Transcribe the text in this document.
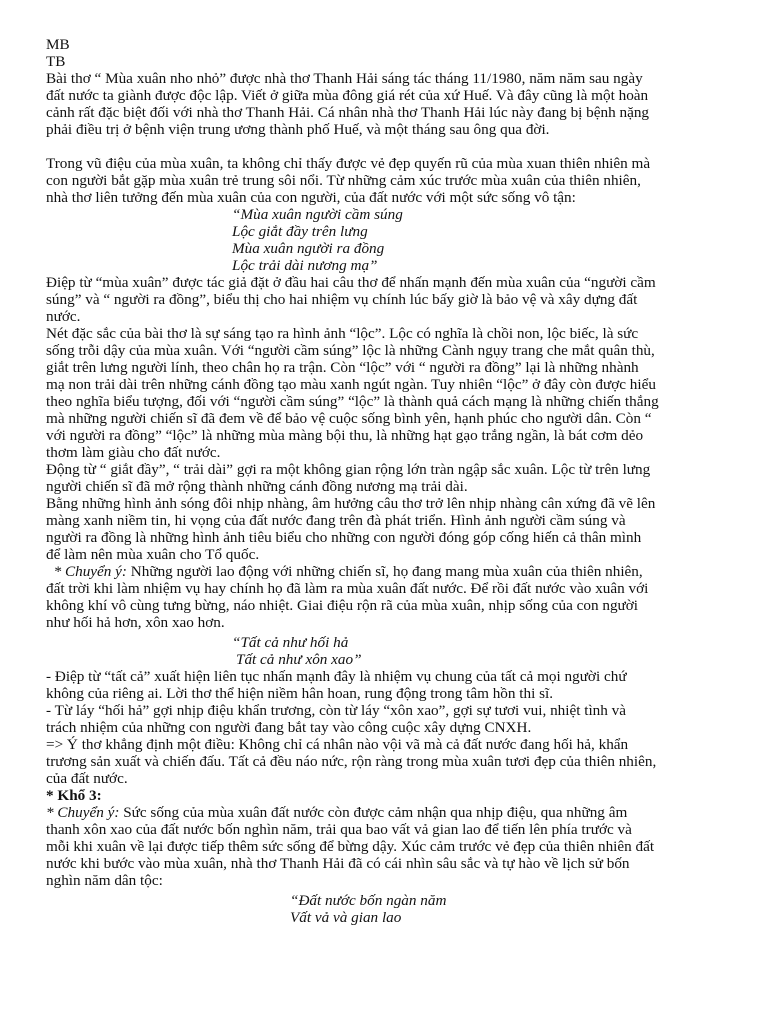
MB

TB

Bài thơ “ Mùa xuân nho nhỏ” được nhà thơ Thanh Hải sáng tác tháng 11/1980, năm năm sau ngày

đất nước ta giành được độc lập. Viết ở giữa mùa đông giá rét của xứ Huế. Và đây cũng là một hoàn

cảnh rất đặc biệt đối với nhà thơ Thanh Hải. Cá nhân nhà thơ Thanh Hải lúc này đang bị bệnh nặng

phải điều trị ở bệnh viện trung ương thành phố Huế, và một tháng sau ông qua đời.

Trong vũ điệu của mùa xuân, ta không chỉ thấy được vẻ đẹp quyến rũ của mùa xuan thiên nhiên mà

con người bắt gặp mùa xuân trẻ trung sôi nổi. Từ những cảm xúc trước mùa xuân của thiên nhiên,

nhà thơ liên tưởng đến mùa xuân của con người, của đất nước với một sức sống vô tận:

“Mùa xuân người cầm súng

Lộc giắt đầy trên lưng

Mùa xuân người ra đồng

Lộc trải dài nương mạ”

Điệp từ “mùa xuân” được tác giả đặt ở đầu hai câu thơ để nhấn mạnh đến mùa xuân của “người cầm

súng” và “ người ra đồng”, biểu thị cho hai nhiệm vụ chính lúc bấy giờ là bảo vệ và xây dựng đất

nước.

Nét đặc sắc của bài thơ là sự sáng tạo ra hình ảnh “lộc”. Lộc có nghĩa là chồi non, lộc biếc, là sức

sống trỗi dậy của mùa xuân. Với “người cầm súng” lộc là những Cành ngụy trang che mắt quân thù,

giắt trên lưng người lính, theo chân họ ra trận. Còn “lộc” với “ người ra đồng” lại là những nhành

mạ non trải dài trên những cánh đồng tạo màu xanh ngút ngàn. Tuy nhiên “lộc” ở đây còn được hiểu

theo nghĩa biểu tượng, đối với “người cầm súng” “lộc” là thành quả cách mạng là những chiến thắng

mà những người chiến sĩ đã đem về để bảo vệ cuộc sống bình yên, hạnh phúc cho người dân. Còn “

với người ra đồng” “lộc” là những mùa màng bội thu, là những hạt gạo trắng ngần, là bát cơm dẻo

thơm làm giàu cho đất nước.

Động từ “ giắt đầy”, “ trải dài” gợi ra một không gian rộng lớn tràn ngập sắc xuân. Lộc từ trên lưng

người chiến sĩ đã mở rộng thành những cánh đồng nương mạ trải dài.

Bằng những hình ảnh sóng đôi nhịp nhàng, âm hưởng câu thơ trở lên nhịp nhàng cân xứng đã vẽ lên

màng xanh niềm tin, hi vọng của đất nước đang trên đà phát triển. Hình ảnh người cầm súng và

người ra đồng là những hình ảnh tiêu biểu cho những con người đóng góp cống hiến cả thân mình

để làm nên mùa xuân cho Tổ quốc.

* Chuyển ý: Những người lao động với những chiến sĩ, họ đang mang mùa xuân của thiên nhiên,

đất trời khi làm nhiệm vụ hay chính họ đã làm ra mùa xuân đất nước. Để rồi đất nước vào xuân với

không khí vô cùng tưng bừng, náo nhiệt. Giai điệu rộn rã của mùa xuân, nhịp sống của con người

như hối hả hơn, xôn xao hơn.

“Tất cả như hối hả

Tất cả như xôn xao”

- Điệp từ “tất cả” xuất hiện liên tục nhấn mạnh đây là nhiệm vụ chung của tất cả mọi người chứ

không của riêng ai. Lời thơ thể hiện niềm hân hoan, rung động trong tâm hồn thi sĩ.

- Từ láy “hối hả” gợi nhịp điệu khẩn trương, còn từ láy “xôn xao”, gợi sự tươi vui, nhiệt tình và

trách nhiệm của những con người đang bắt tay vào công cuộc xây dựng CNXH.

=> Ý thơ khẳng định một điều: Không chỉ cá nhân nào vội vã mà cả đất nước đang hối hả, khẩn

trương sản xuất và chiến đấu. Tất cả đều náo nức, rộn ràng trong mùa xuân tươi đẹp của thiên nhiên,

của đất nước.

* Khổ 3:

* Chuyển ý: Sức sống của mùa xuân đất nước còn được cảm nhận qua nhịp điệu, qua những âm

thanh xôn xao của đất nước bốn nghìn năm, trải qua bao vất vả gian lao để tiến lên phía trước và

mỗi khi xuân về lại được tiếp thêm sức sống để bừng dậy. Xúc cảm trước vẻ đẹp của thiên nhiên đất

nước khi bước vào mùa xuân, nhà thơ Thanh Hải đã có cái nhìn sâu sắc và tự hào về lịch sử bốn

nghìn năm dân tộc:

“Đất nước bốn ngàn năm

Vất vả và gian lao
